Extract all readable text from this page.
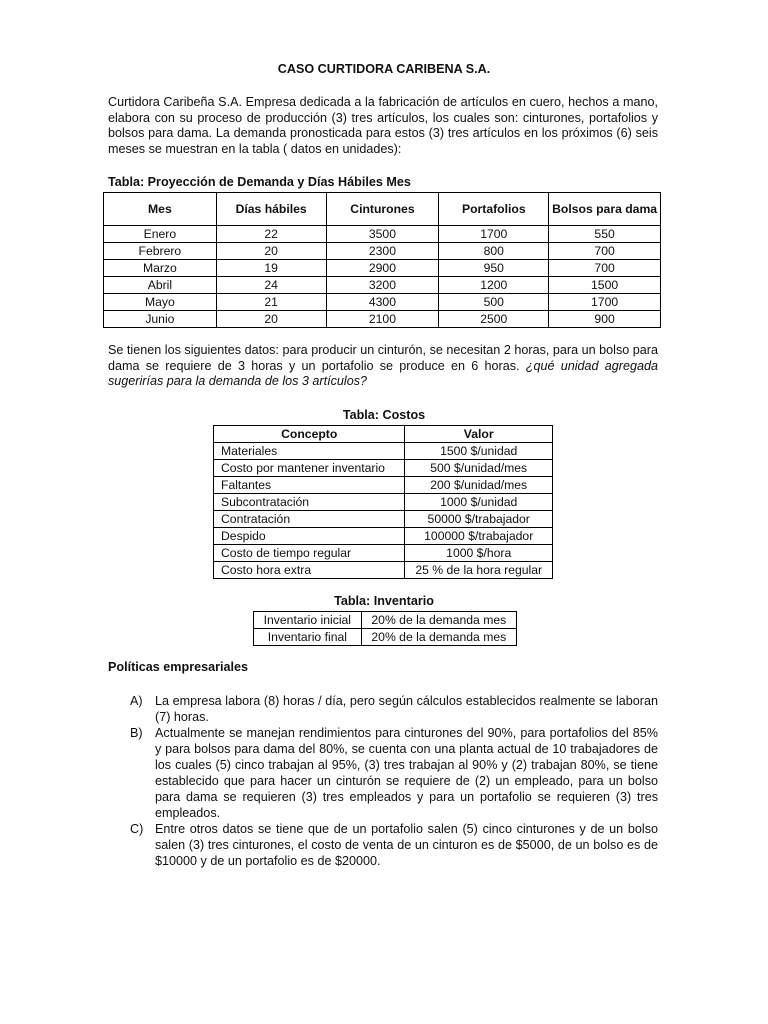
CASO CURTIDORA CARIBENA S.A.
Curtidora Caribeña S.A. Empresa dedicada a la fabricación de artículos en cuero, hechos a mano, elabora con su proceso de producción (3) tres artículos, los cuales son: cinturones, portafolios y bolsos para dama. La demanda pronosticada para estos (3) tres artículos en los próximos (6) seis meses se muestran en la tabla ( datos en unidades):
Tabla: Proyección de Demanda y Días Hábiles Mes
Mes	Días hábiles	Cinturones	Portafolios	Bolsos para dama
Enero	22	3500	1700	550
Febrero	20	2300	800	700
Marzo	19	2900	950	700
Abril	24	3200	1200	1500
Mayo	21	4300	500	1700
Junio	20	2100	2500	900
Se tienen los siguientes datos: para producir un cinturón, se necesitan 2 horas, para un bolso para dama se requiere de 3 horas y un portafolio se produce en 6 horas. ¿qué unidad agregada sugerirías para la demanda de los 3 artículos?
Tabla: Costos
Concepto	Valor
Materiales	1500 $/unidad
Costo por mantener inventario	500 $/unidad/mes
Faltantes	200 $/unidad/mes
Subcontratación	1000 $/unidad
Contratación	50000 $/trabajador
Despido	100000 $/trabajador
Costo de tiempo regular	1000 $/hora
Costo hora extra	25 % de la hora regular
Tabla: Inventario
Inventario inicial	20% de la demanda mes
Inventario final	20% de la demanda mes
Políticas empresariales
A) La empresa labora (8) horas / día, pero según cálculos establecidos realmente se laboran (7) horas.
B) Actualmente se manejan rendimientos para cinturones del 90%, para portafolios del 85% y para bolsos para dama del 80%, se cuenta con una planta actual de 10 trabajadores de los cuales (5) cinco trabajan al 95%, (3) tres trabajan al 90% y (2) trabajan 80%, se tiene establecido que para hacer un cinturón se requiere de (2) un empleado, para un bolso para dama se requieren (3) tres empleados y para un portafolio se requieren (3) tres empleados.
C) Entre otros datos se tiene que de un portafolio salen (5) cinco cinturones y de un bolso salen (3) tres cinturones, el costo de venta de un cinturon es de $5000, de un bolso es de $10000 y de un portafolio es de $20000.
